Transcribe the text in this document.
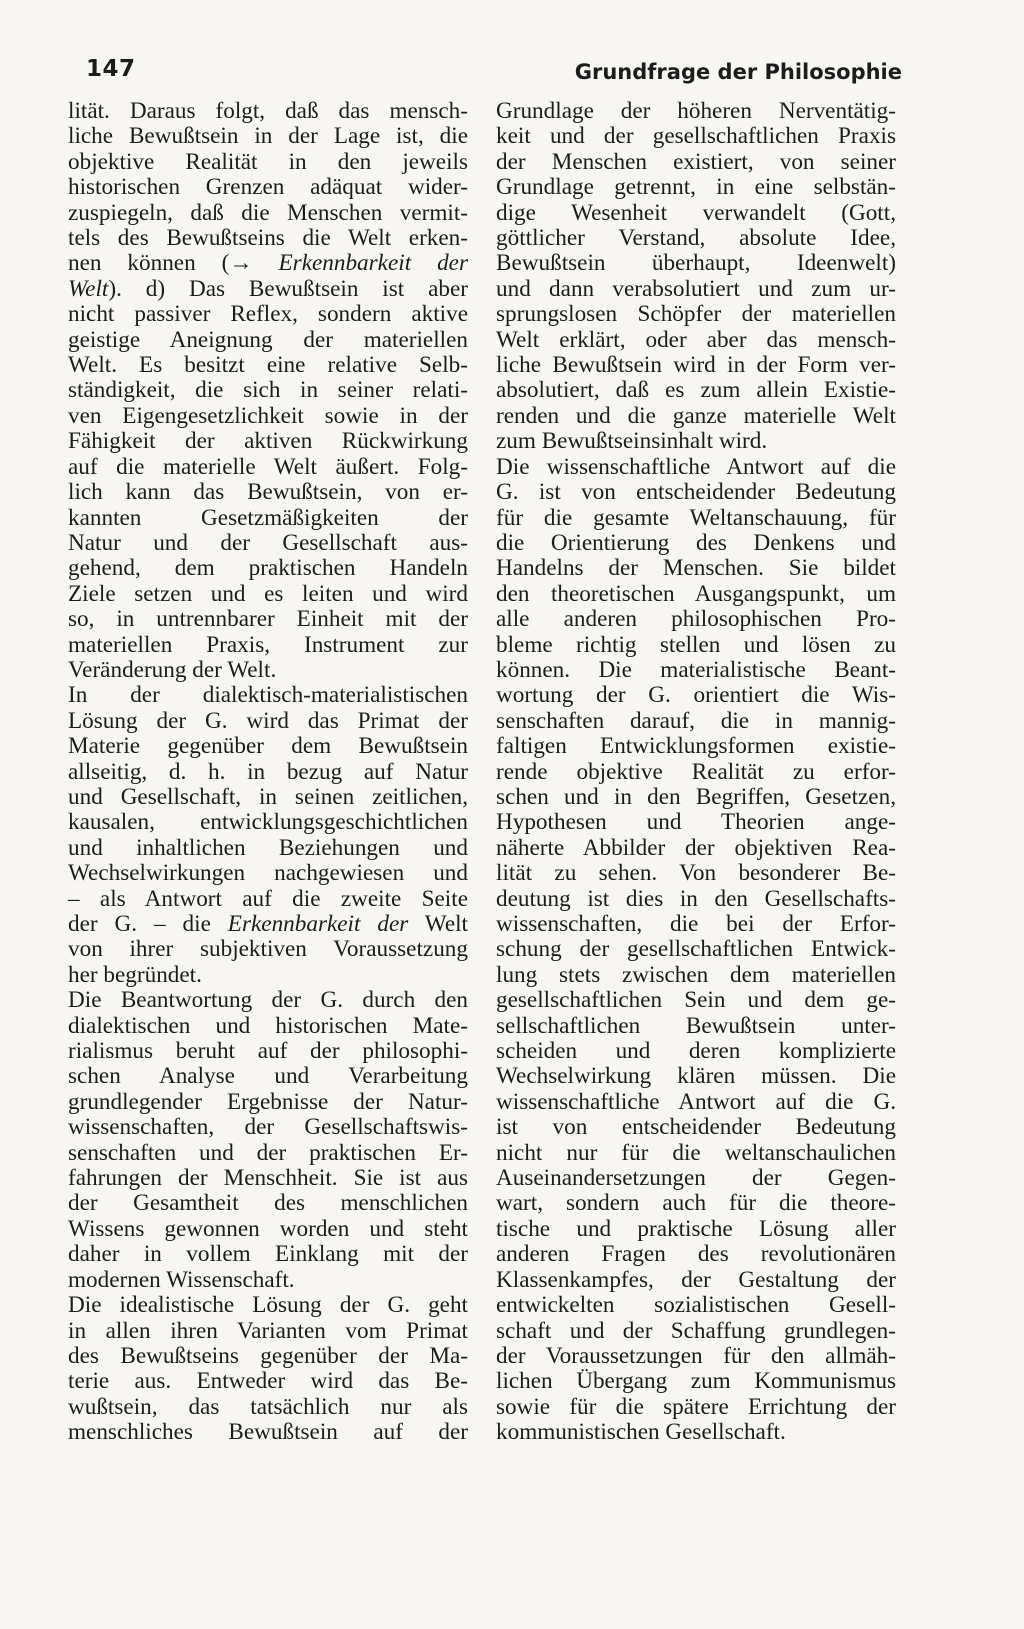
147	Grundfrage der Philosophie
lität. Daraus folgt, daß das mensch-
liche Bewußtsein in der Lage ist, die
objektive Realität in den jeweils
historischen Grenzen adäquat wider-
zuspiegeln, daß die Menschen vermit-
tels des Bewußtseins die Welt erken-
nen können (→ Erkennbarkeit der
Welt). d) Das Bewußtsein ist aber
nicht passiver Reflex, sondern aktive
geistige Aneignung der materiellen
Welt. Es besitzt eine relative Selb-
ständigkeit, die sich in seiner relati-
ven Eigengesetzlichkeit sowie in der
Fähigkeit der aktiven Rückwirkung
auf die materielle Welt äußert. Folg-
lich kann das Bewußtsein, von er-
kannten Gesetzmäßigkeiten der
Natur und der Gesellschaft aus-
gehend, dem praktischen Handeln
Ziele setzen und es leiten und wird
so, in untrennbarer Einheit mit der
materiellen Praxis, Instrument zur
Veränderung der Welt.
In der dialektisch-materialistischen
Lösung der G. wird das Primat der
Materie gegenüber dem Bewußtsein
allseitig, d. h. in bezug auf Natur
und Gesellschaft, in seinen zeitlichen,
kausalen, entwicklungsgeschichtlichen
und inhaltlichen Beziehungen und
Wechselwirkungen nachgewiesen und
– als Antwort auf die zweite Seite
der G. – die Erkennbarkeit der Welt
von ihrer subjektiven Voraussetzung
her begründet.
Die Beantwortung der G. durch den
dialektischen und historischen Mate-
rialismus beruht auf der philosophi-
schen Analyse und Verarbeitung
grundlegender Ergebnisse der Natur-
wissenschaften, der Gesellschaftswis-
senschaften und der praktischen Er-
fahrungen der Menschheit. Sie ist aus
der Gesamtheit des menschlichen
Wissens gewonnen worden und steht
daher in vollem Einklang mit der
modernen Wissenschaft.
Die idealistische Lösung der G. geht
in allen ihren Varianten vom Primat
des Bewußtseins gegenüber der Ma-
terie aus. Entweder wird das Be-
wußtsein, das tatsächlich nur als
menschliches Bewußtsein auf der
Grundlage der höheren Nerventätig-
keit und der gesellschaftlichen Praxis
der Menschen existiert, von seiner
Grundlage getrennt, in eine selbstän-
dige Wesenheit verwandelt (Gott,
göttlicher Verstand, absolute Idee,
Bewußtsein überhaupt, Ideenwelt)
und dann verabsolutiert und zum ur-
sprungslosen Schöpfer der materiellen
Welt erklärt, oder aber das mensch-
liche Bewußtsein wird in der Form ver-
absolutiert, daß es zum allein Existie-
renden und die ganze materielle Welt
zum Bewußtseinsinhalt wird.
Die wissenschaftliche Antwort auf die
G. ist von entscheidender Bedeutung
für die gesamte Weltanschauung, für
die Orientierung des Denkens und
Handelns der Menschen. Sie bildet
den theoretischen Ausgangspunkt, um
alle anderen philosophischen Pro-
bleme richtig stellen und lösen zu
können. Die materialistische Beant-
wortung der G. orientiert die Wis-
senschaften darauf, die in mannig-
faltigen Entwicklungsformen existie-
rende objektive Realität zu erfor-
schen und in den Begriffen, Gesetzen,
Hypothesen und Theorien ange-
näherte Abbilder der objektiven Rea-
lität zu sehen. Von besonderer Be-
deutung ist dies in den Gesellschafts-
wissenschaften, die bei der Erfor-
schung der gesellschaftlichen Entwick-
lung stets zwischen dem materiellen
gesellschaftlichen Sein und dem ge-
sellschaftlichen Bewußtsein unter-
scheiden und deren komplizierte
Wechselwirkung klären müssen. Die
wissenschaftliche Antwort auf die G.
ist von entscheidender Bedeutung
nicht nur für die weltanschaulichen
Auseinandersetzungen der Gegen-
wart, sondern auch für die theore-
tische und praktische Lösung aller
anderen Fragen des revolutionären
Klassenkampfes, der Gestaltung der
entwickelten sozialistischen Gesell-
schaft und der Schaffung grundlegen-
der Voraussetzungen für den allmäh-
lichen Übergang zum Kommunismus
sowie für die spätere Errichtung der
kommunistischen Gesellschaft.
